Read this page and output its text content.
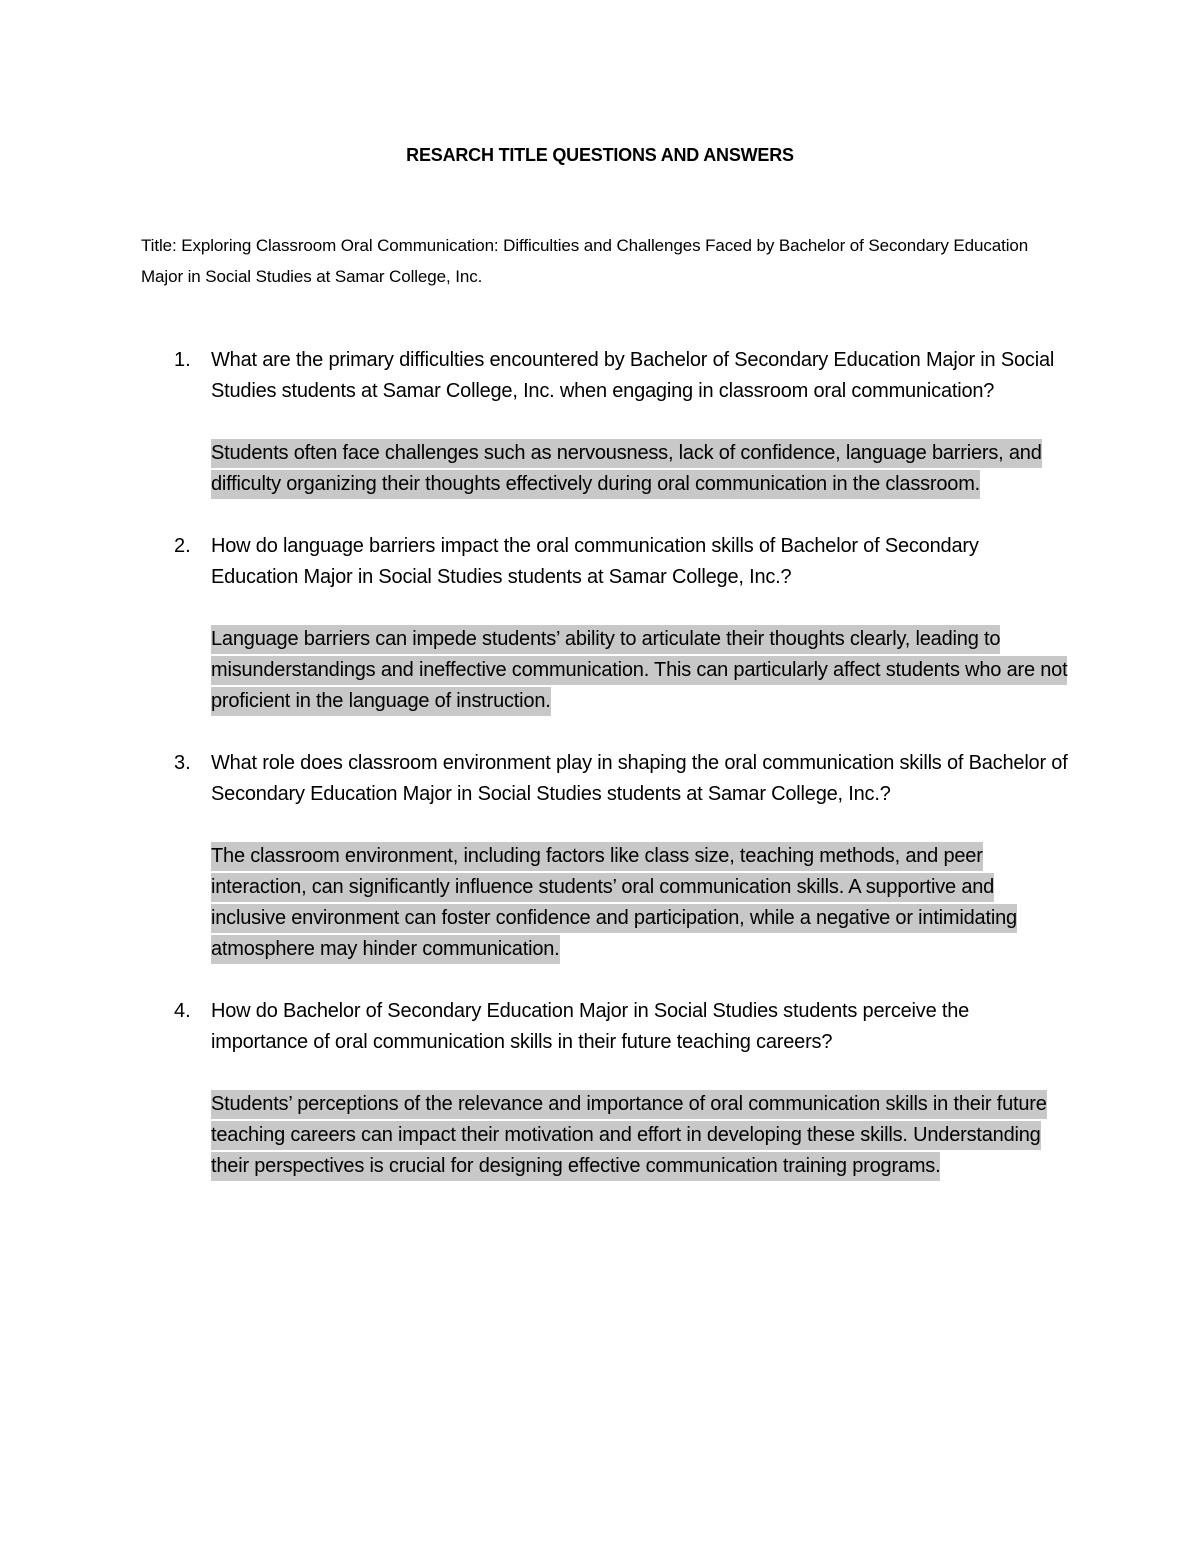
RESARCH TITLE QUESTIONS AND ANSWERS
Title: Exploring Classroom Oral Communication: Difficulties and Challenges Faced by Bachelor of Secondary Education Major in Social Studies at Samar College, Inc.
1. What are the primary difficulties encountered by Bachelor of Secondary Education Major in Social Studies students at Samar College, Inc. when engaging in classroom oral communication?
Students often face challenges such as nervousness, lack of confidence, language barriers, and difficulty organizing their thoughts effectively during oral communication in the classroom.
2. How do language barriers impact the oral communication skills of Bachelor of Secondary Education Major in Social Studies students at Samar College, Inc.?
Language barriers can impede students’ ability to articulate their thoughts clearly, leading to misunderstandings and ineffective communication. This can particularly affect students who are not proficient in the language of instruction.
3. What role does classroom environment play in shaping the oral communication skills of Bachelor of Secondary Education Major in Social Studies students at Samar College, Inc.?
The classroom environment, including factors like class size, teaching methods, and peer interaction, can significantly influence students’ oral communication skills. A supportive and inclusive environment can foster confidence and participation, while a negative or intimidating atmosphere may hinder communication.
4. How do Bachelor of Secondary Education Major in Social Studies students perceive the importance of oral communication skills in their future teaching careers?
Students’ perceptions of the relevance and importance of oral communication skills in their future teaching careers can impact their motivation and effort in developing these skills. Understanding their perspectives is crucial for designing effective communication training programs.
